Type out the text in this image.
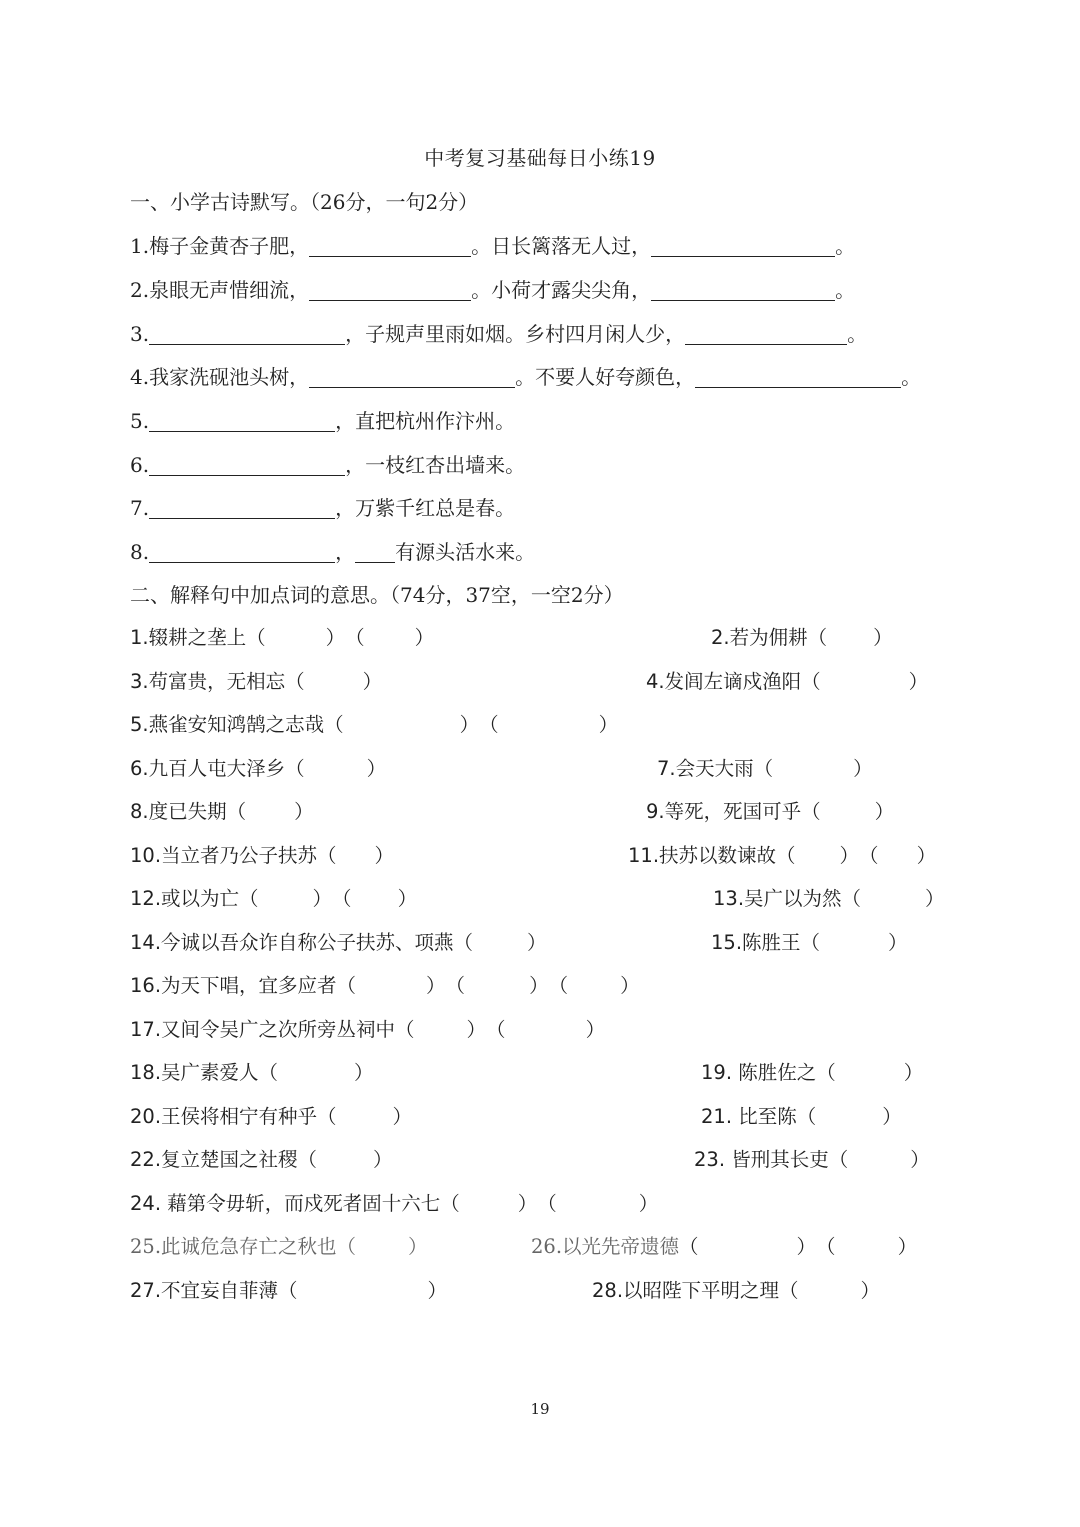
中考复习基础每日小练19
一、小学古诗默写。（26分，一句2分）
1.梅子金黄杏子肥，	。日长篱落无人过，	。
2.泉眼无声惜细流，	。小荷才露尖尖角，	。
3.	，子规声里雨如烟。乡村四月闲人少，	。
4.我家洗砚池头树，	。不要人好夸颜色，	。
5.	，直把杭州作汴州。
6.	，一枝红杏出墙来。
7.	，万紫千红总是春。
8.	， 有源头活水来。
二、解释句中加点词的意思。（74分，37空，一空2分）
1.辍耕之垄上（	）（	）	2.若为佣耕（ ）
3.苟富贵，无相忘（	）	4.发闾左谪戍渔阳（	）
5.燕雀安知鸿鹄之志哉（	）（	）
6.九百人屯大泽乡（	）	7.会天大雨（	）
8.度已失期（ ）	9.等死，死国可乎（	）
10.当立者乃公子扶苏（ ）	11.扶苏以数谏故（ ）（ ）
12.或以为亡（	）（ ）	13.吴广以为然（	）
14.今诚以吾众诈自称公子扶苏、项燕（	）	15.陈胜王（	）
16.为天下唱，宜多应者（	）（	）（	）
17.又间令吴广之次所旁丛祠中（	）（	）
18.吴广素爱人（	）	19. 陈胜佐之（	）
20.王侯将相宁有种乎（	）	21. 比至陈（	）
22.复立楚国之社稷（	）	23. 皆刑其长吏（	）
24. 藉第令毋斩，而戍死者固十六七（	）（	）
25.此诚危急存亡之秋也（	）	26.以光先帝遗德（	）（	）
27.不宜妄自菲薄（	）	28.以昭陛下平明之理（	）
19
